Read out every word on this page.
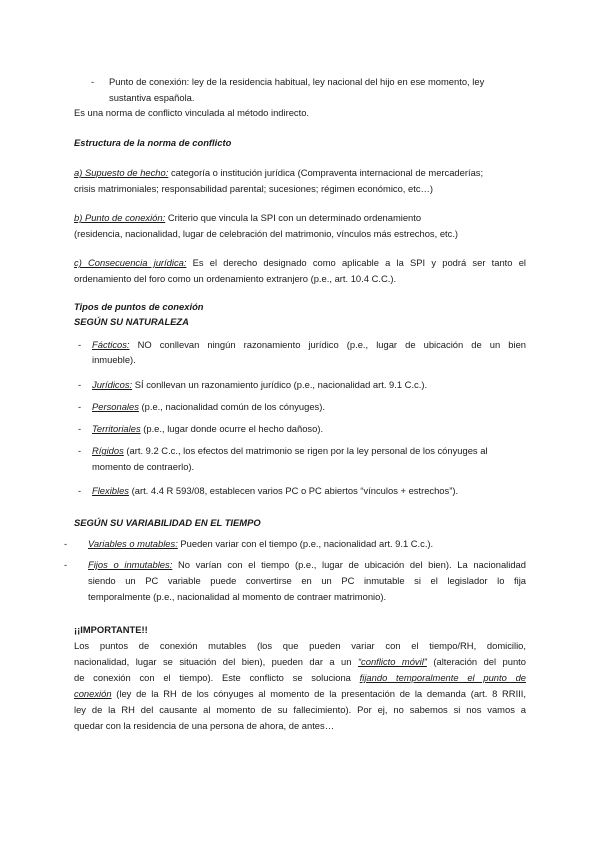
- Punto de conexión: ley de la residencia habitual, ley nacional del hijo en ese momento, ley
sustantiva española.
Es una norma de conflicto vinculada al método indirecto.
Estructura de la norma de conflicto
a) Supuesto de hecho: categoría o institución jurídica (Compraventa internacional de mercaderías;
crisis matrimoniales; responsabilidad parental; sucesiones; régimen económico, etc…)
b) Punto de conexión: Criterio que vincula la SPI con un determinado ordenamiento
(residencia, nacionalidad, lugar de celebración del matrimonio, vínculos más estrechos, etc.)
c) Consecuencia jurídica: Es el derecho designado como aplicable a la SPI y podrá ser tanto el
ordenamiento del foro como un ordenamiento extranjero (p.e., art. 10.4 C.C.).
Tipos de puntos de conexión
SEGÚN SU NATURALEZA
- Fácticos: NO conllevan ningún razonamiento jurídico (p.e., lugar de ubicación de un bien
inmueble).
- Jurídicos: SÍ conllevan un razonamiento jurídico (p.e., nacionalidad art. 9.1 C.c.).
- Personales (p.e., nacionalidad común de los cónyuges).
- Territoriales (p.e., lugar donde ocurre el hecho dañoso).
- Rígidos (art. 9.2 C.c., los efectos del matrimonio se rigen por la ley personal de los cónyuges al
momento de contraerlo).
- Flexibles (art. 4.4 R 593/08, establecen varios PC o PC abiertos “vínculos + estrechos”).
SEGÚN SU VARIABILIDAD EN EL TIEMPO
- Variables o mutables: Pueden variar con el tiempo (p.e., nacionalidad art. 9.1 C.c.).
- Fijos o inmutables: No varían con el tiempo (p.e., lugar de ubicación del bien). La nacionalidad
siendo un PC variable puede convertirse en un PC inmutable si el legislador lo fija
temporalmente (p.e., nacionalidad al momento de contraer matrimonio).
¡¡IMPORTANTE!!
Los puntos de conexión mutables (los que pueden variar con el tiempo/RH, domicilio,
nacionalidad, lugar se situación del bien), pueden dar a un “conflicto móvil” (alteración del punto
de conexión con el tiempo). Este conflicto se soluciona fijando temporalmente el punto de
conexión (ley de la RH de los cónyuges al momento de la presentación de la demanda (art. 8 RRIII,
ley de la RH del causante al momento de su fallecimiento). Por ej, no sabemos si nos vamos a
quedar con la residencia de una persona de ahora, de antes…
